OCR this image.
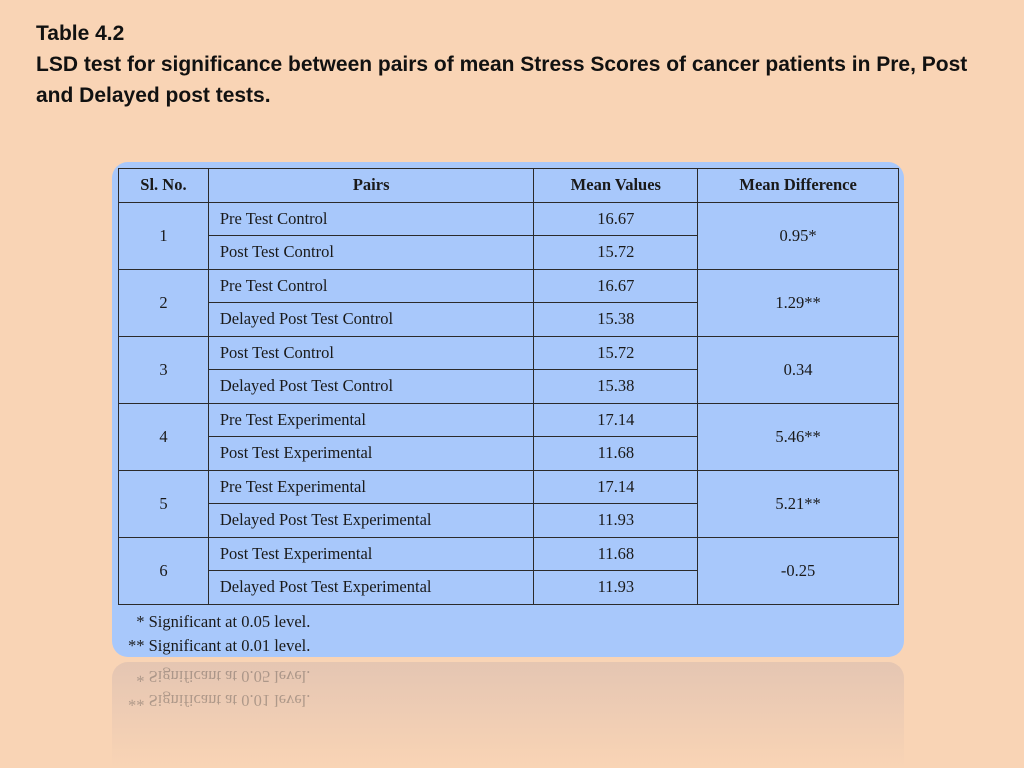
Table 4.2
LSD test for significance between pairs of mean Stress Scores of cancer patients in Pre, Post
and Delayed post tests.
Sl. No.	Pairs	Mean Values	Mean Difference
1	Pre Test Control	16.67	0.95*
	Post Test Control	15.72	
2	Pre Test Control	16.67	1.29**
	Delayed Post Test Control	15.38	
3	Post Test Control	15.72	0.34
	Delayed Post Test Control	15.38	
4	Pre Test Experimental	17.14	5.46**
	Post Test Experimental	11.68	
5	Pre Test Experimental	17.14	5.21**
	Delayed Post Test Experimental	11.93	
6	Post Test Experimental	11.68	-0.25
	Delayed Post Test Experimental	11.93	
* Significant at 0.05 level.
** Significant at 0.01 level.
** Significant at 0.01 level.
* Significant at 0.05 level.
